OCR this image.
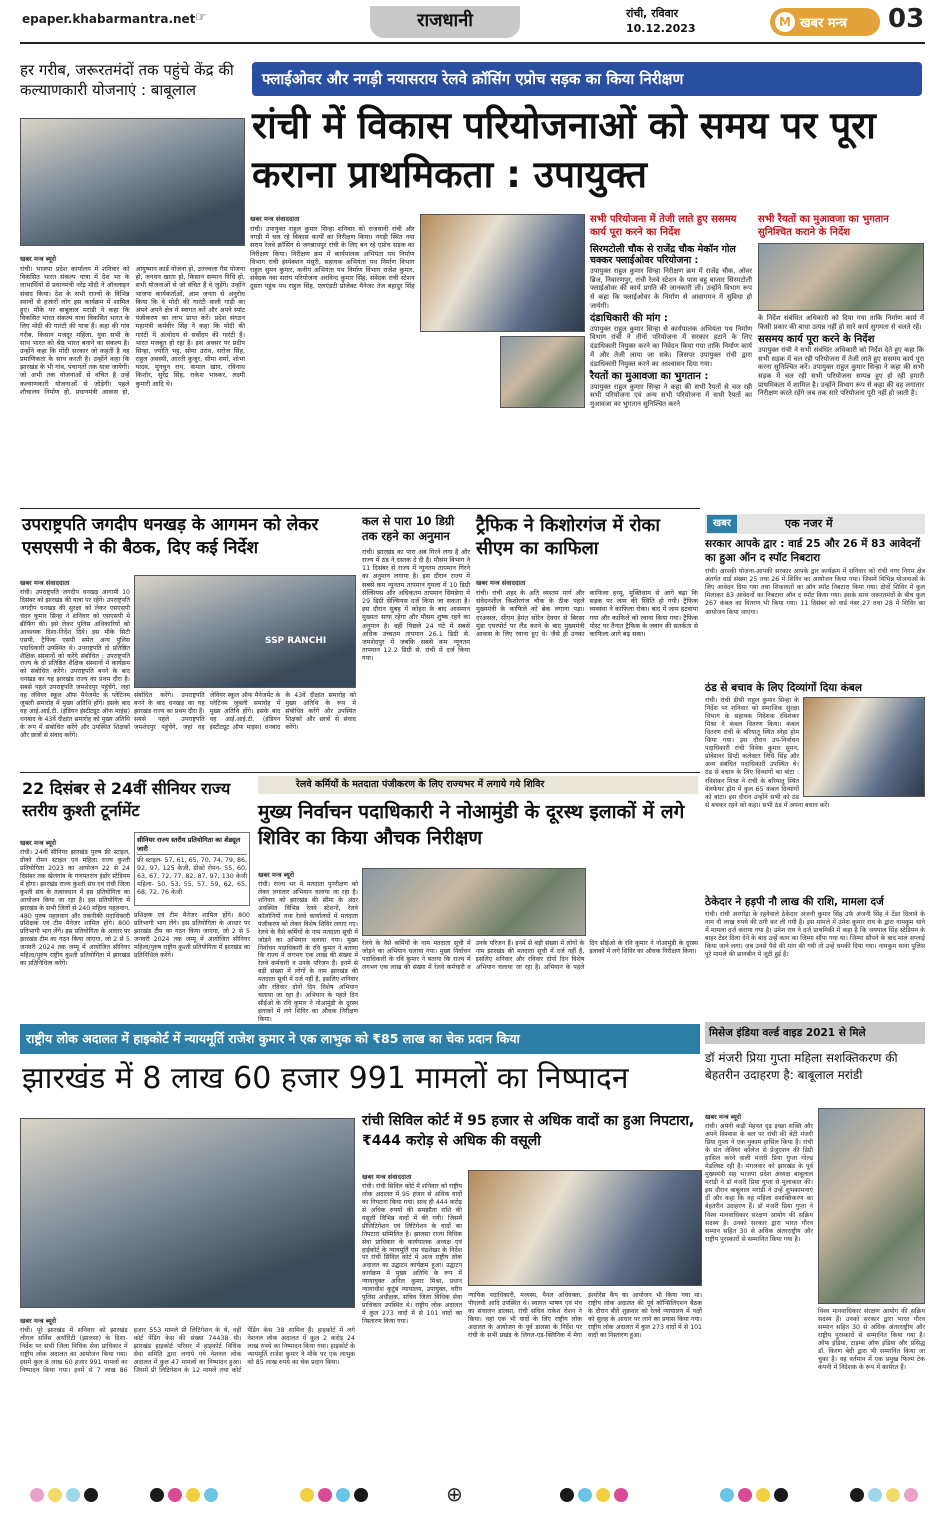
epaper.khabarmantra.net ☞	राजधानी	रांची, रविवार
10.12.2023	M खबर मन्त्र 03
हर गरीब, जरूरतमंदों तक पहुंचे केंद्र की कल्याणकारी योजनाएं : बाबूलाल
खबर मन्त्र ब्यूरो
रांची। भाजपा प्रदेश कार्यालय में शनिवार को विकसित भारत संकल्प यात्रा में देश भर के लाभार्थियों से प्रधानमंत्री नरेंद्र मोदी ने ऑनलाइन संवाद किया। देश के सभी राज्यों के विभिन्न स्थानों से हजारों लोग इस कार्यक्रम में शामिल हुए। मौके पर बाबूलाल मरांडी ने कहा कि विकसित भारत संकल्प यात्रा विकसित भारत के लिए मोदी की गारंटी की यात्रा है। कहा की गांव गरीब, किसान मजदूर महिला, युवा सभी के साथ भारत को श्रेष्ठ भारत बनाने का संकल्प है। उन्होंने कहा कि मोदी सरकार जो कहती है वह प्रमाणिकता के साथ करती है। उन्होंने कहा कि झारखंड के भी गांव, पंचायतों तक यात्रा जायेगी। जो अभी तक योजनाओं से वंचित है उन्हें कल्याणकारी योजनाओं से जोड़ेगी। पहले शौचालय निर्माण हो, प्रधानमंत्री आवास हो, आयुष्मान कार्ड योजना हो, उज्ज्वला गैस योजना हो, जनधन खाता हो, किसान सम्मान निधि हो, सभी योजनाओं से जो वंचित हैं वे जुड़ेंगे। उन्होंने भाजपा कार्यकर्ताओं, आम जनता से अनुरोध किया कि वे मोदी की गारंटी वाली गाड़ी का अपने अपने क्षेत्र में स्वागत करें और अपने स्पॉट पंजीकरण का लाभ प्राप्त करें। प्रदेश संगठन महामंत्री कर्मवीर सिंह ने कहा कि मोदी की गारंटी में अंत्योदय से सर्वोदय की गारंटी है। भारत मजबूत हो रहा है। इस अवसर पर प्रदीप सिन्हा, ज्योति भट्ट, सोमा उरांव, सरोज सिंह, राहुल अवस्थी, आरती कुजूर, सीमा शर्मा, शोभा यादव, मुनचुन राय, कमाल खान, रविनाथ किशोर, सुरेंद्र सिंह, राकेश भास्कर, लक्ष्मी कुमारी आदि थे।
फ्लाईओवर और नगड़ी नयासराय रेलवे क्रॉसिंग एप्रोच सड़क का किया निरीक्षण
रांची में विकास परियोजनाओं को समय पर पूरा कराना प्राथमिकता : उपायुक्त
खबर मन्त्र संवाददाता
रांची। उपायुक्त राहुल कुमार सिन्हा शनिवार को राजधानी रांची और नगड़ी में चल रहे विकास कार्यों का निरीक्षण किया। नगड़ी स्थित नया सराय रेलवे क्रॉसिंग से जगन्नाथपुर रांची के लिए बन रहे एप्रोच सड़क का निरीक्षण किया। निरीक्षण क्रम में कार्यपालक अभियंता पथ निर्माण विभाग रांची इंस्पेक्शन मंसूरी, सहायक अभियंता पथ निर्माण विभाग राहुल सुमन कुमार, कनीय अभियंता पथ निर्माण विभाग राजेश कुमार, संवेदक नवा सराय परियोजना अरविन्द कुमार सिंह, संवेदक रांची स्टेशन दूसरा पहुंच पथ राहुल सिंह, एलएंडटी प्रोजेक्ट मैनेजर तेज बहादुर सिंह
सभी परियोजना में तेजी लाते हुए ससमय कार्य पूरा करने का निर्देश
सिरमटोली चौक से राजेंद्र चौक मेकॉन गोल चक्कर फ्लाईओवर परियोजना :
उपायुक्त राहुल कुमार सिन्हा निरीक्षण क्रम में राजेंद्र चौक, ओवर ब्रिज, निवारणपुर, रांची रेलवे स्टेशन के पास बहु बाजार सिरमटोली फ्लाईओवर की कार्य प्रगति की जानकारी ली। उन्होंने विभाग रूप से कहा कि फ्लाईओवर के निर्माण से आवागमन में सुविधा हो जायेगी।
दंडाधिकारी की मांग :
उपायुक्त राहुल कुमार सिन्हा से कार्यपालक अभियंता पथ निर्माण विभाग रांची ने तीनों परियोजना में सरकार हटाने के लिए दंडाधिकारी नियुक्त करने का निवेदन किया गया ताकि निर्माण कार्य में और तेजी लाया जा सके। जिसपर उपायुक्त रांची द्वारा दंडाधिकारी नियुक्त करने का आश्वासन दिया गया।
रैयतों का मुआवजा का भुगतान :
उपायुक्त राहुल कुमार सिन्हा ने कहा की सभी रैयतों से चल रही सभी परियोजना एवं अन्य सभी परियोजना में सभी रैयतों का मुआवजा का भुगतान सुनिश्चित करने
सभी रैयतों का मुआवजा का भुगतान सुनिश्चित कराने के निर्देश
के निर्देश संबंधित अधिकारी को दिया गया ताकि निर्माण कार्य में किसी प्रकार की बाधा उत्पन्न नहीं हो सारे कार्य सुगमता से चलते रहें।
ससमय कार्य पूरा करने के निर्देश
उपायुक्त रांची ने सभी संबंधित अधिकारी को निर्देश देते हुए कहा कि सभी सड़क में चल रही परियोजना में तेजी लाते हुए ससमय कार्य पूरा करना सुनिश्चित करें। उपायुक्त राहुल कुमार सिन्हा ने कहा की सभी सड़क में चल रही सभी परियोजना सम्पन्न हुए हो रही हमारी प्राथमिकता में शामिल है। उन्होंने विभाग रूप से कहा की वह लगातार निरीक्षण करते रहेंगे जब तक सारे परियोजना पूरी नहीं हो जाती है।
उपराष्ट्रपति जगदीप धनखड़ के आगमन को लेकर एसएसपी ने की बैठक, दिए कई निर्देश
खबर मन्त्र संवाददाता
रांची। उपराष्ट्रपति जगदीप धनखड़ आगामी 10 दिसंबर को झारखंड की यात्रा पर रहेंगे। उपराष्ट्रपति जगदीप धनखड़ की सुरक्षा को लेकर एसएसपी चंदन कुमार सिन्हा ने शनिवार को एसएसपी में ब्रीफिंग की। इसे लेकर पुलिस अधिकारियों को आवश्यक दिशा-निर्देश दिये। इस मौके सिटी एसपी, ट्रैफिक एसपी समेत अन्य पुलिस पदाधिकारी उपस्थित थे। उपराष्ट्रपति दो प्रतिष्ठित शैक्षिक संस्थानों को करेंगे संबोधित : उपराष्ट्रपति राज्य के दो प्रतिष्ठित शैक्षिक संस्थानों में कार्यक्रम को संबोधित करेंगे। उपराष्ट्रपति बनने के बाद धनखड़ का यह झारखंड राज्य का प्रथम दौरा है। सबसे पहले उपराष्ट्रपति जमशेदपुर पहुंचेंगे, जहां वह जेवियर स्कूल ऑफ मैनेजमेंट के प्लेटिनम जुबली समारोह में मुख्य अतिथि होंगे। इसके बाद वह आई.आई.टी. (इंडियन इंस्टीट्यूट ऑफ माइंस) धनबाद के 43वें दीक्षांत समारोह को मुख्य अतिथि के रूप में संबोधित करेंगे और उपस्थित शिक्षकों और छात्रों से संवाद करेंगे।
SSP RANCHI
संबोधित करेंगे। उपराष्ट्रपति बनने के बाद धनखड़ का यह झारखंड राज्य का प्रथम दौरा है। सबसे पहले उपराष्ट्रपति जमशेदपुर पहुंचेंगे, जहां वह जेवियर स्कूल ऑफ मैनेजमेंट के प्लेटिनम जुबली समारोह में मुख्य अतिथि होंगे। इसके बाद वह आई.आई.टी. (इंडियन इंस्टीट्यूट ऑफ माइंस) धनबाद के 43वें दीक्षांत समारोह को मुख्य अतिथि के रूप में संबोधित करेंगे और उपस्थित शिक्षकों और छात्रों से संवाद करेंगे।
कल से पारा 10 डिग्री तक रहने का अनुमान
रांची। झारखंड का पारा अब गिरने लगा है और राज्य में ठंड ने दस्तक दे दी है। मौसम विभाग ने 11 दिसंबर से राज्य में न्यूनतम तापमान गिरने का अनुमान लगाया है। इस दौरान राज्य में सबसे कम न्यूनतम तापमान गुमला में 10 डिग्री सेल्सियस और अधिकतम तापमान सिमडेगा में 29 डिग्री सेल्सियस दर्ज किया जा सकता है। इस दौरान सुबह में कोहरा के बाद आसमान मुख्यतः साफ रहेगा और मौसम शुष्क रहने का अनुमान है। वहीं पिछले 24 घंटे में सबसे अधिक उच्चतम तापमान 26.1 डिग्री से. जमशेदपुर में जबकि सबसे कम न्यूनतम तापमान 12.2 डिग्री से. रांची में दर्ज किया गया।
ट्रैफिक ने किशोरगंज में रोका सीएम का काफिला
खबर मन्त्र संवाददाता
रांची। रांची शहर के अति व्यस्तम मार्ग और संवेदनशील किशोरगंज चौक के ठीक पहले मुख्यमंत्री के काफिले को ब्रेक लगाना पड़ा। दरअसल, सीएम हेमंत सोरेन देवघर से बिरसा मुंडा एयरपोर्ट पर लैंड करने के बाद मुख्यमंत्री आवास के लिए रवाना हुए थे। जैसे ही उनका काफिला हरमू, मुक्तिधाम से आगे बढ़ा कि सड़क पर जाम की स्थिति हो गयी। ट्रैफिक व्यवस्था ने काफिला रोका। बाद में जाम हटवाया गया और काफिले को रवाना किया गया। ट्रैफिक पोस्ट पर तैनात ट्रैफिक के जवान की सतर्कता से काफिला आगे बढ़ सका।
खबर	एक नजर में
सरकार आपके द्वार : वार्ड 25 और 26 में 83 आवेदनों का हुआ ऑन द स्पॉट निबटारा
रांची। आपकी योजना-आपकी सरकार आपके द्वार कार्यक्रम में शनिवार को रांची नगर निगम क्षेत्र अंतर्गत वार्ड संख्या 25 तथा 26 में शिविर का आयोजन किया गया। जिसमें विभिन्न योजनाओं के लिए आवेदन दिया गया तथा शिकायतों का ऑन स्पॉट निबटारा किया गया। दोनों शिविर में कुल मिलाकर 83 आवेदनों का निबटारा ऑन द स्पॉट किया गया। इसके साथ जरूरतमंदों के बीच कुल 267 कंबल का वितरण भी किया गया। 11 दिसंबर को वार्ड नंबर 27 तथा 28 में शिविर का आयोजन किया जाएगा।
ठंड से बचाव के लिए दिव्यांगों दिया कंबल
रांची। रांची डीसी राहुल कुमार सिन्हा के निर्देश पर शनिवार को समाजिक सुरक्षा विभाग के सहायक निदेशक रविशंकर मिश्रा ने कंबल वितरण किया। कंबल वितरण रांची के बरियातू स्थित स्नेहा होम किया गया। इस दौरान उप-निर्वाचन पदाधिकारी रांची विवेक कुमार सुमन, प्रोबेशनर डिप्टी कलेक्टर निधि सिंह और अन्य संबंधित पदाधिकारी उपस्थित थे। ठंड से बचाव के लिए दिव्यांगों का बांटा : रविशंकर मिश्रा ने रांची के बरियातू स्थित वेलफेयर होम में कुल 65 कंबल दिव्यांगों को बांटा। इस दौरान उन्होंने सभी को ठंड से बचकर रहने को कहा। सभी ठंड में अपना बचाव करें।
ठेकेदार ने हड़पी नौ लाख की राशि, मामला दर्ज
रांची। रांची अरगोड़ा के रहनेवाले ठेकेदार अंजनी कुमार सिंह उर्फ अंजनी सिंह ने टेंडर दिलाने के नाम नौ लाख रुपये की ठगी कर ली गयी है। इस मामले में उमेश कुमार राय के द्वारा नामकुम थाने में मामला दर्ज कराया गया है। उमेश राय ने दर्ज प्राथमिकी में कहा है कि जयपाल सिंह स्टेडियम के बाहर टेंडर दिला देने के बाद उन्हें काम का जिम्मा सौंपा गया था। जिम्मा सौंपने के बाद माल सप्लाई किया जाने लगा। जब उनसे पैसे की मांग की गयी तो उन्हें धमकी दिया गया। नामकुम थाना पुलिस पूरे मामले की छानबीन में जुटी हुई है।
22 दिसंबर से 24वीं सीनियर राज्य स्तरीय कुश्ती टूर्नामेंट
खबर मन्त्र ब्यूरो
रांची। 24वीं सीनियर झारखंड पुरुष फ्री स्टाइल, ग्रीको रोमन स्टाइल एवं महिला राज्य कुश्ती प्रतियोगिता 2023 का आयोजन 22 से 24 दिसंबर तक खेलगांव के गणपतराय इंडोर स्टेडियम में होगा। झारखंड राज्य कुश्ती संघ एवं रांची जिला कुश्ती संघ के तत्वावधान में इस प्रतियोगिता का आयोजन किया जा रहा है। इस प्रतियोगिता में झारखंड के सभी जिलों से 240 महिला पहलवान, 480 पुरुष पहलवान और तकनीकी पदाधिकारी प्रशिक्षक एवं टीम मैनेजर शामिल होंगे। 800 प्रतिभागी भाग लेंगे। इस प्रतियोगिता के आधार पर झारखंड टीम का गठन किया जाएगा, जो 2 से 5 जनवरी 2024 तक जम्मू में आयोजित सीनियर महिला/पुरुष राष्ट्रीय कुश्ती प्रतियोगिता में झारखंड का प्रतिनिधित्व करेंगे।
सीनियर राज्य स्तरीय प्रतियोगिता का शेड्यूल जारी
फ्री स्टाइल- 57, 61, 65, 70, 74, 79, 86, 92, 97, 125 केजी, ग्रीको रोमन- 55, 60, 63, 67, 72, 77, 82, 87, 97, 130 केजी महिला- 50, 53, 55, 57, 59, 62, 65, 68, 72, 76 केजी
प्रशिक्षक एवं टीम मैनेजर शामिल होंगे। 800 प्रतिभागी भाग लेंगे। इस प्रतियोगिता के आधार पर झारखंड टीम का गठन किया जाएगा, जो 2 से 5 जनवरी 2024 तक जम्मू में आयोजित सीनियर महिला/पुरुष राष्ट्रीय कुश्ती प्रतियोगिता में झारखंड का प्रतिनिधित्व करेंगे।
रेलवे कर्मियों के मतदाता पंजीकरण के लिए राज्यभर में लगाये गये शिविर
मुख्य निर्वाचन पदाधिकारी ने नोआमुंडी के दूरस्थ इलाकों में लगे शिविर का किया औचक निरीक्षण
खबर मन्त्र ब्यूरो
रांची। राज्य भर में मतदाता पुनरीक्षण को लेकर लगातार अभियान चलाया जा रहा है। शनिवार को झारखंड की सीमा के अंदर अवस्थित विभिन्न रेलवे स्टेशनों, रेलवे कॉलोनियों तथा रेलवे कार्यालयों में मतदाता पंजीकरण को लेकर विशेष शिविर लगाए गए। रेलवे के वैसे कर्मियों के नाम मतदाता सूची में जोड़ने का अभियान चलाया गया। मुख्य निर्वाचन पदाधिकारी के रवि कुमार ने बताया कि राज्य में लगभग एक लाख की संख्या में रेलवे कर्मचारी व उनके परिजन हैं। इनमें से बड़ी संख्या में लोगों के नाम झारखंड की मतदाता सूची में दर्ज नहीं है, इसलिए शनिवार और रविवार दोनों दिन विशेष अभियान चलाया जा रहा है। अभियान के पहले दिन सीईओ के रवि कुमार ने नोआमुंडी के दूरस्थ इलाकों में लगे शिविर का औचक निरीक्षण किया।
रेलवे के वैसे कर्मियों के नाम मतदाता सूची में जोड़ने का अभियान चलाया गया। मुख्य निर्वाचन पदाधिकारी के रवि कुमार ने बताया कि राज्य में लगभग एक लाख की संख्या में रेलवे कर्मचारी व उनके परिजन हैं। इनमें से बड़ी संख्या में लोगों के नाम झारखंड की मतदाता सूची में दर्ज नहीं है, इसलिए शनिवार और रविवार दोनों दिन विशेष अभियान चलाया जा रहा है। अभियान के पहले दिन सीईओ के रवि कुमार ने नोआमुंडी के दूरस्थ इलाकों में लगे शिविर का औचक निरीक्षण किया।
राष्ट्रीय लोक अदालत में हाइकोर्ट में न्यायमूर्ति राजेश कुमार ने एक लाभुक को ₹85 लाख का चेक प्रदान किया
झारखंड में 8 लाख 60 हजार 991 मामलों का निष्पादन
खबर मन्त्र ब्यूरो
रांची। पूरे झारखंड में शनिवार को झारखंड लीगल सर्विस अथॉरिटी (झालसा) के दिशा-निर्देश पर सभी जिला विधिक सेवा प्राधिकार में राष्ट्रीय लोक अदालत का आयोजन किया गया। इसमें कुल 8 लाख 60 हजार 991 मामलों का निष्पादन किया गया। इनमें से 7 लाख 86 हजार 553 मामले प्री लिटिगेशन के थे, वहीं कोर्ट पेंडिंग केस की संख्या 74438 थी। झारखंड हाइकोर्ट परिसर में हाइकोर्ट विधिक सेवा समिति द्वारा लगाये गये नेशनल लोक अदालत में कुल 47 मामलों का निष्पादन हुआ। जिसमें प्री लिटिगेशन के 12 मामले तथा कोर्ट पेंडिंग केस 38 शामिल हैं। हाइकोर्ट में लगे नेशनल लोक अदालत में कुल 2 करोड़ 24 लाख रुपये का निष्पादन किया गया। हाइकोर्ट के न्यायमूर्ति राजेश कुमार ने मौके पर एक लाभुक को 85 लाख रुपये का चेक प्रदान किया।
रांची सिविल कोर्ट में 95 हजार से अधिक वादों का हुआ निपटारा, ₹444 करोड़ से अधिक की वसूली
खबर मन्त्र संवाददाता
रांची। रांची सिविल कोर्ट में शनिवार को राष्ट्रीय लोक अदालत में 95 हजार से अधिक वादों का निपटारा किया गया। साथ ही 444 करोड़ से अधिक रुपयों की समझौता राशि की वसूली विभिन्न वादों में की गयी। जिसमें प्रीलिटिगेशन एवं लिटिगेशन के वादों का निपटारा सम्मिलित है। झालसा राज्य विधिक सेवा प्राधिकार के कार्यपालक अध्यक्ष एवं हाईकोर्ट के न्यायमूर्ति एस चंद्रशेखर के निर्देश पर रांची सिविल कोर्ट में आज राष्ट्रीय लोक अदालत का उद्घाटन कार्यक्रम हुआ। उद्घाटन कार्यक्रम में मुख्य अतिथि के रूप में न्यायायुक्त अनिल कुमार मिश्रा, प्रधान न्यायाधीश कुटुंब न्यायालय, उपायुक्त, वरीय पुलिस अधीक्षक, सचिव जिला विधिक सेवा प्राधिकार उपस्थित थे। राष्ट्रीय लोक अदालत में कुल 273 वादों में से 101 वादों का निस्तारण किया गया।
न्यायिक पदाधिकारी, मध्यस्थ, पैनल अधिवक्ता, पीएलवी आदि उपस्थित थे। स्वागत भाषण एवं मंच का संचालन डालसा, रांची सचिव राकेश रोशन ने किया। वहां एक भी वादों के लिए राष्ट्रीय लोक अदालत के आयोजन के पूर्व डालसा के निर्देश पर रांची के सभी प्रखंड के लिगल-एड-क्लिनिक में मेगा इंश्योरेंस कैंप का आयोजन भी किया गया था। राष्ट्रीय लोक अदालत की पूर्व कॉन्सिलिएशन बैठक के दौरान बीते शुक्रवार को रेलवे न्यायालय में पक्षों को सुलह के आधार पर लाने का प्रयास किया गया। राष्ट्रीय लोक अदालत में कुल 273 वादों में से 101 वादों का निस्तारण हुआ।
मिसेज इंडिया वर्ल्ड वाइड 2021 से मिले
डॉ मंजरी प्रिया गुप्ता महिला सशक्तिकरण की बेहतरीन उदाहरण है: बाबूलाल मरांडी
खबर मन्त्र ब्यूरो
रांची। अपनी कड़ी मेहनत दृढ़ इच्छा शक्ति और अपने विश्वास के बल पर रांची की बेटी मंजरी प्रिया गुप्ता ने एक मुकाम हासिल किया है। रांची के संत जेवियर कॉलेज से प्रेजुएशन की डिग्री हासिल करने वाली मंजरी प्रिया गुप्ता गोल्ड मेडलिस्ट रही है। मंगलवार को झारखंड के पूर्व मुख्यमंत्री सह भाजपा प्रदेश अध्यक्ष बाबूलाल मरांडी ने डॉ मंजरी प्रिया गुप्ता से मुलाकात की। इस दौरान बाबूलाल मरांडी ने उन्हें शुभकामनाएं दीं और कहा कि वह महिला सशक्तिकरण का बेहतरीन उदाहरण हैं। डॉ मंजरी प्रिया गुप्ता ने विश्व मानवाधिकार संरक्षण आयोग की सक्रिय सदस्य हैं। उनको सरकार द्वारा भारत गौरव सम्मान सहित 30 से अधिक अंतरराष्ट्रीय और राष्ट्रीय पुरस्कारों से सम्मानित किया गया है।
विश्व मानवाधिकार संरक्षण आयोग की सक्रिय सदस्य हैं। उनको सरकार द्वारा भारत गौरव सम्मान सहित 30 से अधिक अंतरराष्ट्रीय और राष्ट्रीय पुरस्कारों से सम्मानित किया गया है। ऑफ इंडिया, टाइम्स ऑफ इंडिया और प्रसिद्ध डॉ. किरण बेदी द्वारा भी सम्मानित किया जा चुका है। वह वर्तमान में एक प्रमुख फिल्म टेक कंपनी में निदेशक के रूप में कार्यरत हैं।
⊕
